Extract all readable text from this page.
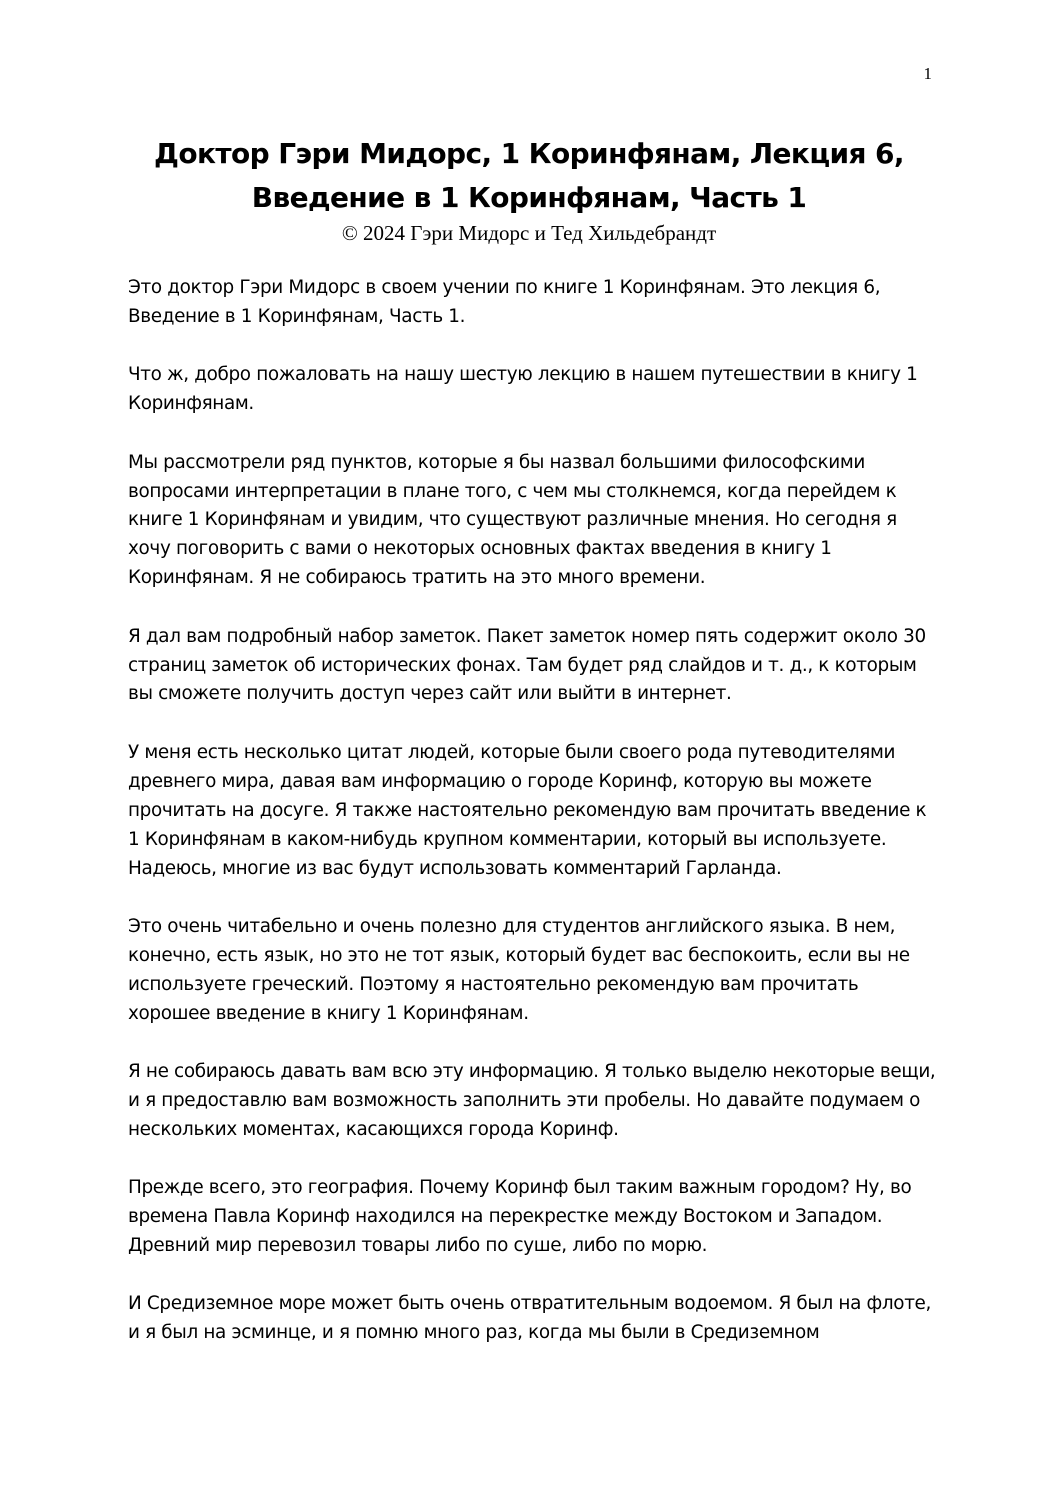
1
Доктор Гэри Мидорс, 1 Коринфянам, Лекция 6,
Введение в 1 Коринфянам, Часть 1
© 2024 Гэри Мидорс и Тед Хильдебрандт

Это доктор Гэри Мидорс в своем учении по книге 1 Коринфянам. Это лекция 6, Введение в 1 Коринфянам, Часть 1.

Что ж, добро пожаловать на нашу шестую лекцию в нашем путешествии в книгу 1 Коринфянам.

Мы рассмотрели ряд пунктов, которые я бы назвал большими философскими вопросами интерпретации в плане того, с чем мы столкнемся, когда перейдем к книге 1 Коринфянам и увидим, что существуют различные мнения. Но сегодня я хочу поговорить с вами о некоторых основных фактах введения в книгу 1 Коринфянам. Я не собираюсь тратить на это много времени.

Я дал вам подробный набор заметок. Пакет заметок номер пять содержит около 30 страниц заметок об исторических фонах. Там будет ряд слайдов и т. д., к которым вы сможете получить доступ через сайт или выйти в интернет.

У меня есть несколько цитат людей, которые были своего рода путеводителями древнего мира, давая вам информацию о городе Коринф, которую вы можете прочитать на досуге. Я также настоятельно рекомендую вам прочитать введение к 1 Коринфянам в каком-нибудь крупном комментарии, который вы используете. Надеюсь, многие из вас будут использовать комментарий Гарланда.

Это очень читабельно и очень полезно для студентов английского языка. В нем, конечно, есть язык, но это не тот язык, который будет вас беспокоить, если вы не используете греческий. Поэтому я настоятельно рекомендую вам прочитать хорошее введение в книгу 1 Коринфянам.

Я не собираюсь давать вам всю эту информацию. Я только выделю некоторые вещи, и я предоставлю вам возможность заполнить эти пробелы. Но давайте подумаем о нескольких моментах, касающихся города Коринф.

Прежде всего, это география. Почему Коринф был таким важным городом? Ну, во времена Павла Коринф находился на перекрестке между Востоком и Западом. Древний мир перевозил товары либо по суше, либо по морю.

И Средиземное море может быть очень отвратительным водоемом. Я был на флоте, и я был на эсминце, и я помню много раз, когда мы были в Средиземном
